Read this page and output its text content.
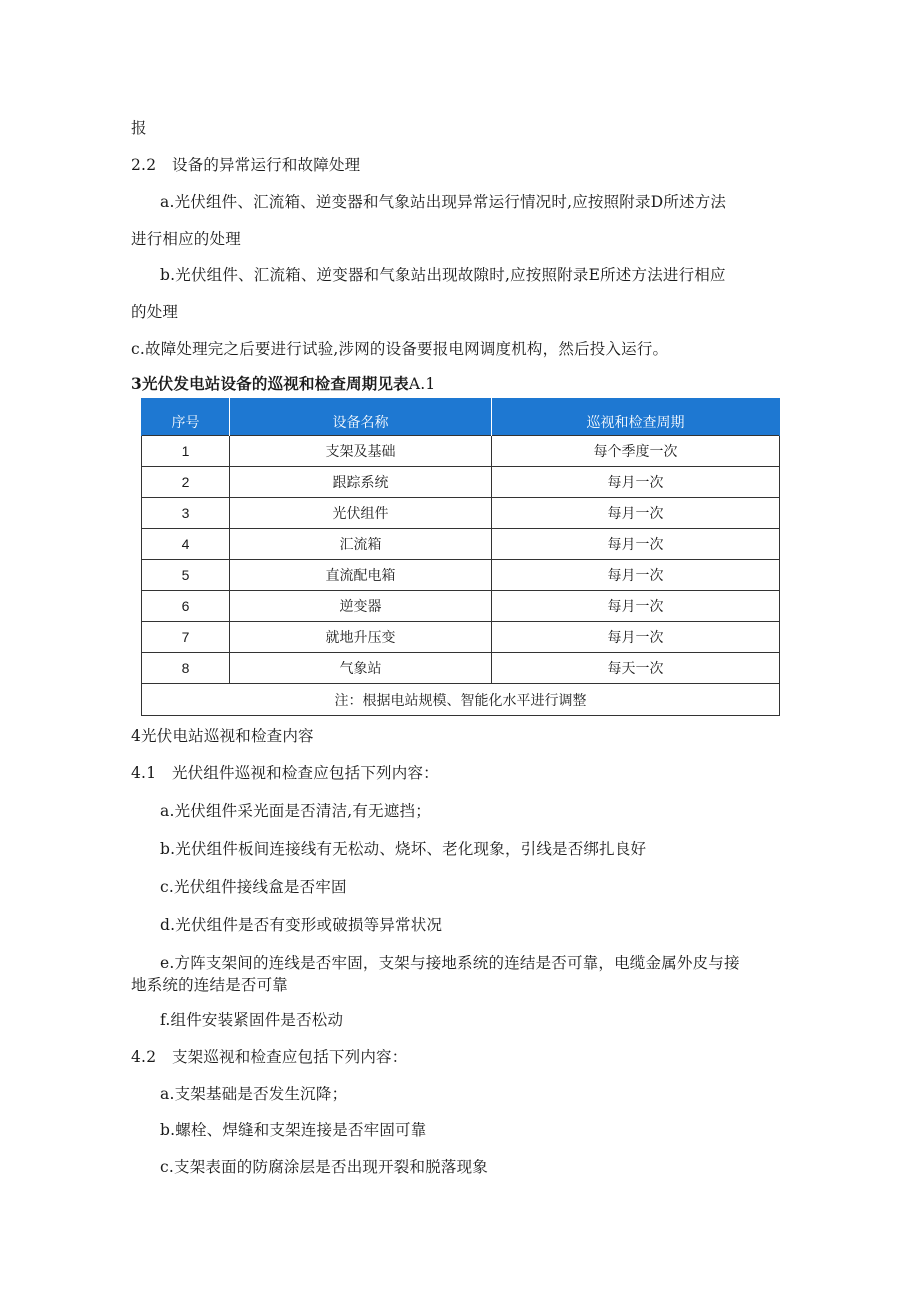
报
2.2　设备的异常运行和故障处理
a.光伏组件、汇流箱、逆变器和气象站出现异常运行情况时,应按照附录D所述方法
进行相应的处理
b.光伏组件、汇流箱、逆变器和气象站出现故隙时,应按照附录E所述方法进行相应
的处理
c.故障处理完之后要进行试验,涉网的设备要报电网调度机构，然后投入运行。
3光伏发电站设备的巡视和检查周期见表A.1
序号	设备名称	巡视和检查周期
1	支架及基础	每个季度一次
2	跟踪系统	每月一次
3	光伏组件	每月一次
4	汇流箱	每月一次
5	直流配电箱	每月一次
6	逆变器	每月一次
7	就地升压变	每月一次
8	气象站	每天一次
注：根据电站规模、智能化水平进行调整		
4光伏电站巡视和检查内容
4.1　光伏组件巡视和检查应包括下列内容：
a.光伏组件采光面是否清洁,有无遮挡；
b.光伏组件板间连接线有无松动、烧坏、老化现象，引线是否绑扎良好
c.光伏组件接线盒是否牢固
d.光伏组件是否有变形或破损等异常状况
e.方阵支架间的连线是否牢固，支架与接地系统的连结是否可靠，电缆金属外皮与接
地系统的连结是否可靠
f.组件安装紧固件是否松动
4.2　支架巡视和检查应包括下列内容：
a.支架基础是否发生沉降；
b.螺栓、焊缝和支架连接是否牢固可靠
c.支架表面的防腐涂层是否出现开裂和脱落现象
